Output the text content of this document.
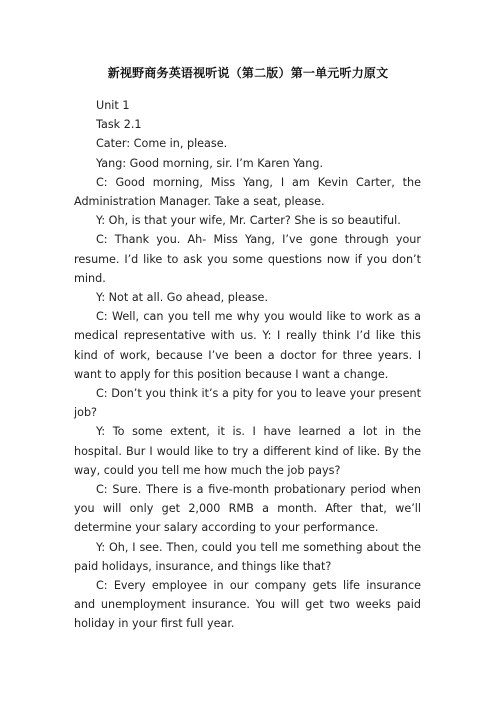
新视野商务英语视听说（第二版）第一单元听力原文

Unit 1

Task 2.1

Cater: Come in, please.

Yang: Good morning, sir. I’m Karen Yang.

C: Good morning, Miss Yang, I am Kevin Carter, the Administration Manager. Take a seat, please.

Y: Oh, is that your wife, Mr. Carter? She is so beautiful.

C: Thank you. Ah- Miss Yang, I’ve gone through your resume. I’d like to ask you some questions now if you don’t mind.

Y: Not at all. Go ahead, please.

C: Well, can you tell me why you would like to work as a medical representative with us. Y: I really think I’d like this kind of work, because I’ve been a doctor for three years. I want to apply for this position because I want a change.

C: Don’t you think it’s a pity for you to leave your present job?

Y: To some extent, it is. I have learned a lot in the hospital. Bur I would like to try a different kind of like. By the way, could you tell me how much the job pays?

C: Sure. There is a five-month probationary period when you will only get 2,000 RMB a month. After that, we’ll determine your salary according to your performance.

Y: Oh, I see. Then, could you tell me something about the paid holidays, insurance, and things like that?

C: Every employee in our company gets life insurance and unemployment insurance. You will get two weeks paid holiday in your first full year.
